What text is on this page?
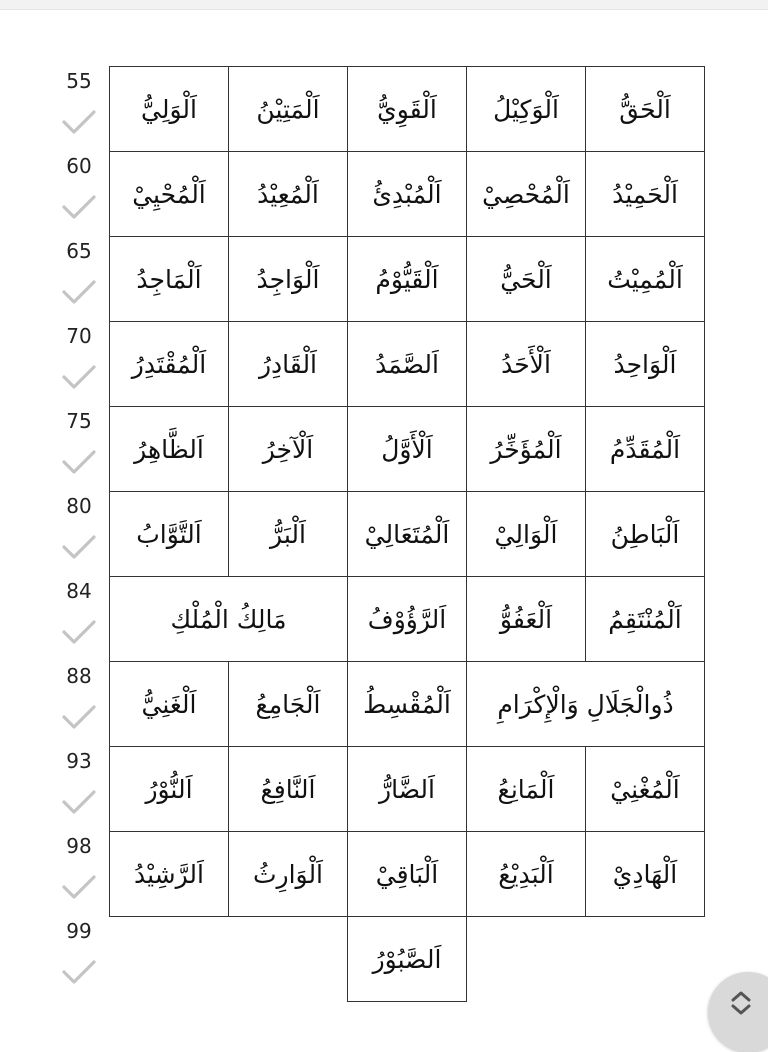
55
اَلْحَقُّ
اَلْوَكِيْلُ
اَلْقَوِيُّ
اَلْمَتِيْنُ
اَلْوَلِيُّ
60
اَلْحَمِيْدُ
اَلْمُحْصِيْ
اَلْمُبْدِئُ
اَلْمُعِيْدُ
اَلْمُحْيِيْ
65
اَلْمُمِيْتُ
اَلْحَيُّ
اَلْقَيُّوْمُ
اَلْوَاجِدُ
اَلْمَاجِدُ
70
اَلْوَاحِدُ
اَلْأَحَدُ
اَلصَّمَدُ
اَلْقَادِرُ
اَلْمُقْتَدِرُ
75
اَلْمُقَدِّمُ
اَلْمُؤَخِّرُ
اَلْأَوَّلُ
اَلْآخِرُ
اَلظَّاهِرُ
80
اَلْبَاطِنُ
اَلْوَالِيْ
اَلْمُتَعَالِيْ
اَلْبَرُّ
اَلتَّوَّابُ
84
اَلْمُنْتَقِمُ
اَلْعَفُوُّ
اَلرَّؤُوْفُ
مَالِكُ الْمُلْكِ
88
ذُوالْجَلَالِ وَالْإِكْرَامِ
اَلْمُقْسِطُ
اَلْجَامِعُ
اَلْغَنِيُّ
93
اَلْمُغْنِيْ
اَلْمَانِعُ
اَلضَّارُّ
اَلنَّافِعُ
اَلنُّوْرُ
98
اَلْهَادِيْ
اَلْبَدِيْعُ
اَلْبَاقِيْ
اَلْوَارِثُ
اَلرَّشِيْدُ
99
اَلصَّبُوْرُ
